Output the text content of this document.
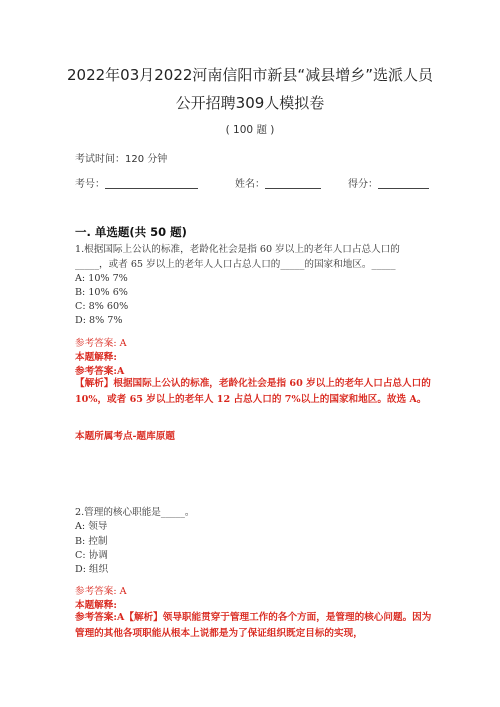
2022年03月2022河南信阳市新县“减县增乡”选派人员
公开招聘309人模拟卷
( 100 题 )
考试时间：120 分钟
考号：	姓名：	得分：
一. 单选题(共 50 题)
1.根据国际上公认的标准，老龄化社会是指 60 岁以上的老年人口占总人口的
_____，或者 65 岁以上的老年人人口占总人口的_____的国家和地区。_____
A: 10% 7%
B: 10% 6%
C: 8% 60%
D: 8% 7%
参考答案: A
本题解释:
参考答案:A
【解析】根据国际上公认的标准，老龄化社会是指 60 岁以上的老年人口占总人口的 10%，或者 65 岁以上的老年人 12 占总人口的 7%以上的国家和地区。故选 A。
本题所属考点-题库原题
2.管理的核心职能是_____。
A: 领导
B: 控制
C: 协调
D: 组织
参考答案: A
本题解释:
参考答案:A【解析】领导职能贯穿于管理工作的各个方面，是管理的核心问题。因为管理的其他各项职能从根本上说都是为了保证组织既定目标的实现，
